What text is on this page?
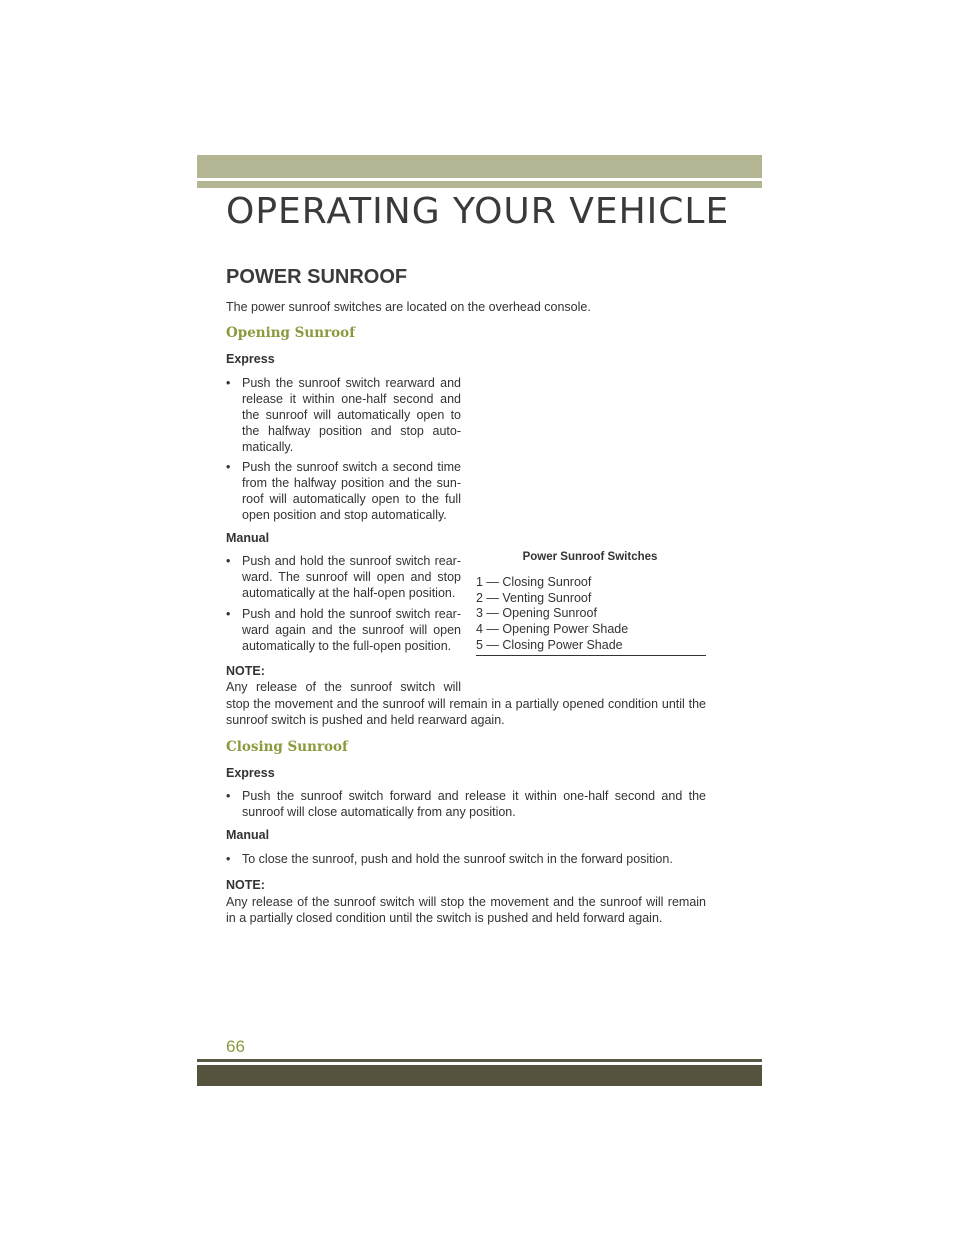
OPERATING YOUR VEHICLE
POWER SUNROOF
The power sunroof switches are located on the overhead console.
Opening Sunroof
Express
• Push the sunroof switch rearward and release it within one-half second and the sunroof will automatically open to the halfway position and stop auto-matically.
• Push the sunroof switch a second time from the halfway position and the sun-roof will automatically open to the full open position and stop automatically.
Manual
• Push and hold the sunroof switch rear-ward. The sunroof will open and stop automatically at the half-open position.
• Push and hold the sunroof switch rear-ward again and the sunroof will open automatically to the full-open position.
NOTE:
Any release of the sunroof switch will
stop the movement and the sunroof will remain in a partially opened condition until the sunroof switch is pushed and held rearward again.
Power Sunroof Switches
1 — Closing Sunroof
2 — Venting Sunroof
3 — Opening Sunroof
4 — Opening Power Shade
5 — Closing Power Shade
Closing Sunroof
Express
• Push the sunroof switch forward and release it within one-half second and the sunroof will close automatically from any position.
Manual
• To close the sunroof, push and hold the sunroof switch in the forward position.
NOTE:
Any release of the sunroof switch will stop the movement and the sunroof will remain in a partially closed condition until the switch is pushed and held forward again.
66
